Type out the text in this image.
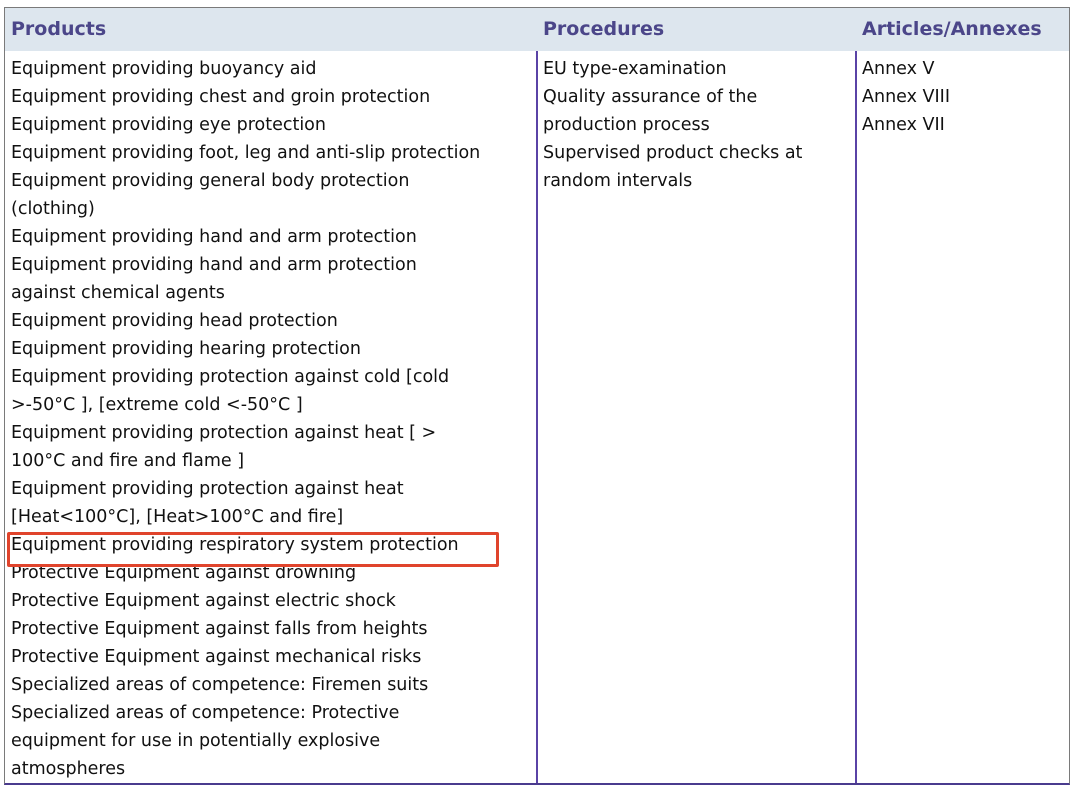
Products	Procedures	Articles/Annexes
Equipment providing buoyancy aid
Equipment providing chest and groin protection
Equipment providing eye protection
Equipment providing foot, leg and anti-slip protection
Equipment providing general body protection
(clothing)
Equipment providing hand and arm protection
Equipment providing hand and arm protection
against chemical agents
Equipment providing head protection
Equipment providing hearing protection
Equipment providing protection against cold [cold
>-50°C ], [extreme cold <-50°C ]
Equipment providing protection against heat [ >
100°C and fire and flame ]
Equipment providing protection against heat
[Heat<100°C], [Heat>100°C and fire]
Equipment providing respiratory system protection
Protective Equipment against drowning
Protective Equipment against electric shock
Protective Equipment against falls from heights
Protective Equipment against mechanical risks
Specialized areas of competence: Firemen suits
Specialized areas of competence: Protective
equipment for use in potentially explosive
atmospheres
EU type-examination
Quality assurance of the
production process
Supervised product checks at
random intervals
Annex V
Annex VIII
Annex VII
